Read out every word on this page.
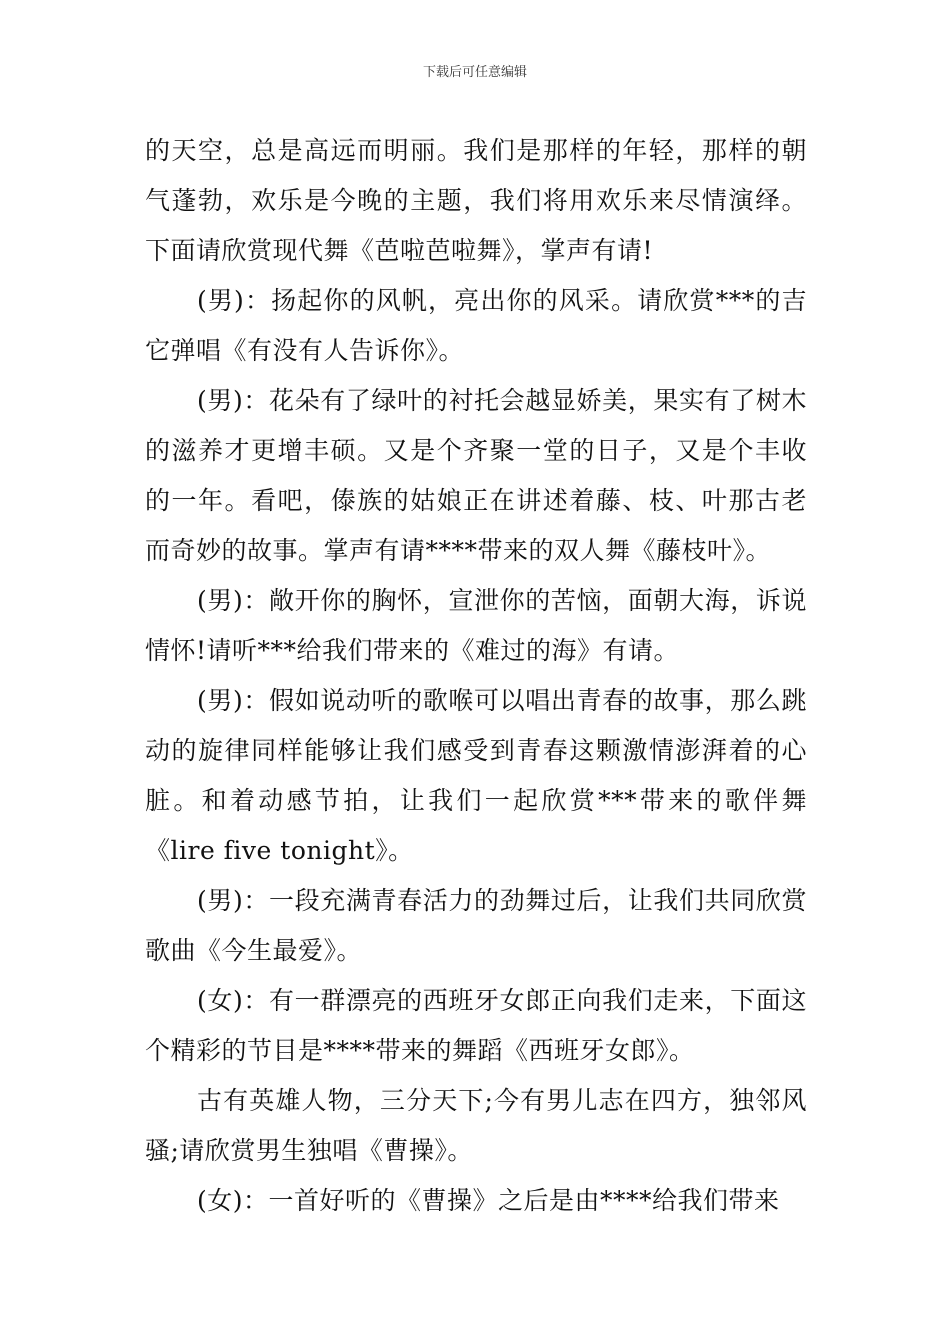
下载后可任意编辑

的天空，总是高远而明丽。我们是那样的年轻，那样的朝气蓬勃，欢乐是今晚的主题，我们将用欢乐来尽情演绎。下面请欣赏现代舞《芭啦芭啦舞》，掌声有请!

(男)：扬起你的风帆，亮出你的风采。请欣赏***的吉它弹唱《有没有人告诉你》。

(男)：花朵有了绿叶的衬托会越显娇美，果实有了树木的滋养才更增丰硕。又是个齐聚一堂的日子，又是个丰收的一年。看吧，傣族的姑娘正在讲述着藤、枝、叶那古老而奇妙的故事。掌声有请****带来的双人舞《藤枝叶》。

(男)：敞开你的胸怀，宣泄你的苦恼，面朝大海，诉说情怀!请听***给我们带来的《难过的海》有请。

(男)：假如说动听的歌喉可以唱出青春的故事，那么跳动的旋律同样能够让我们感受到青春这颗激情澎湃着的心脏。和着动感节拍，让我们一起欣赏***带来的歌伴舞《lire five tonight》。

(男)：一段充满青春活力的劲舞过后，让我们共同欣赏歌曲《今生最爱》。

(女)：有一群漂亮的西班牙女郎正向我们走来，下面这个精彩的节目是****带来的舞蹈《西班牙女郎》。

古有英雄人物，三分天下;今有男儿志在四方，独邻风骚;请欣赏男生独唱《曹操》。

(女)：一首好听的《曹操》之后是由****给我们带来
